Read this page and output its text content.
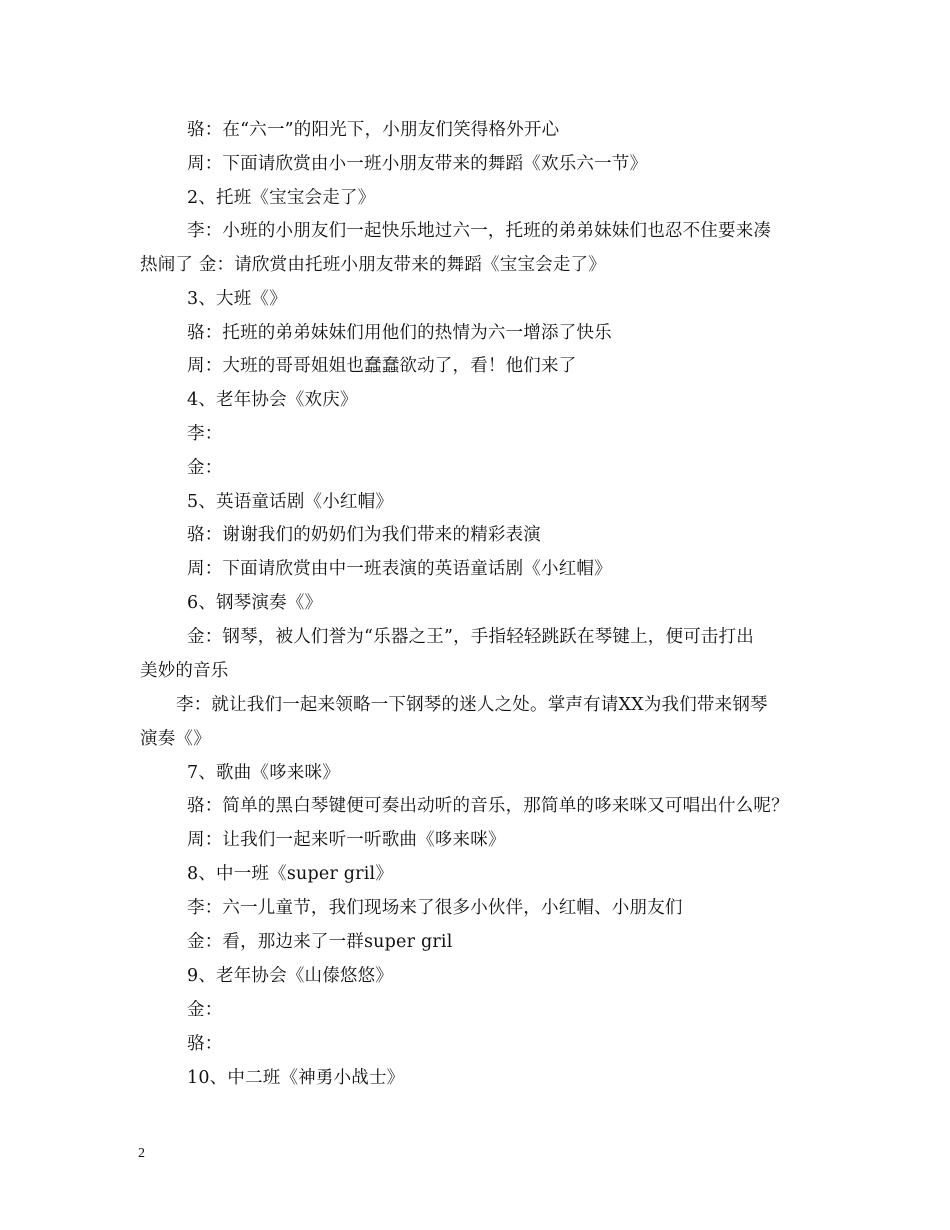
骆：在“六一”的阳光下，小朋友们笑得格外开心
周：下面请欣赏由小一班小朋友带来的舞蹈《欢乐六一节》
2、托班《宝宝会走了》
李：小班的小朋友们一起快乐地过六一，托班的弟弟妹妹们也忍不住要来凑
热闹了 金：请欣赏由托班小朋友带来的舞蹈《宝宝会走了》
3、大班《》
骆：托班的弟弟妹妹们用他们的热情为六一增添了快乐
周：大班的哥哥姐姐也蠢蠢欲动了，看！他们来了
4、老年协会《欢庆》
李：
金：
5、英语童话剧《小红帽》
骆：谢谢我们的奶奶们为我们带来的精彩表演
周：下面请欣赏由中一班表演的英语童话剧《小红帽》
6、钢琴演奏《》
金：钢琴，被人们誉为“乐器之王”，手指轻轻跳跃在琴键上，便可击打出
美妙的音乐
李：就让我们一起来领略一下钢琴的迷人之处。掌声有请XX为我们带来钢琴
演奏《》
7、歌曲《哆来咪》
骆：简单的黑白琴键便可奏出动听的音乐，那简单的哆来咪又可唱出什么呢？
周：让我们一起来听一听歌曲《哆来咪》
8、中一班《super gril》
李：六一儿童节，我们现场来了很多小伙伴，小红帽、小朋友们
金：看，那边来了一群super gril
9、老年协会《山傣悠悠》
金：
骆：
10、中二班《神勇小战士》
2
